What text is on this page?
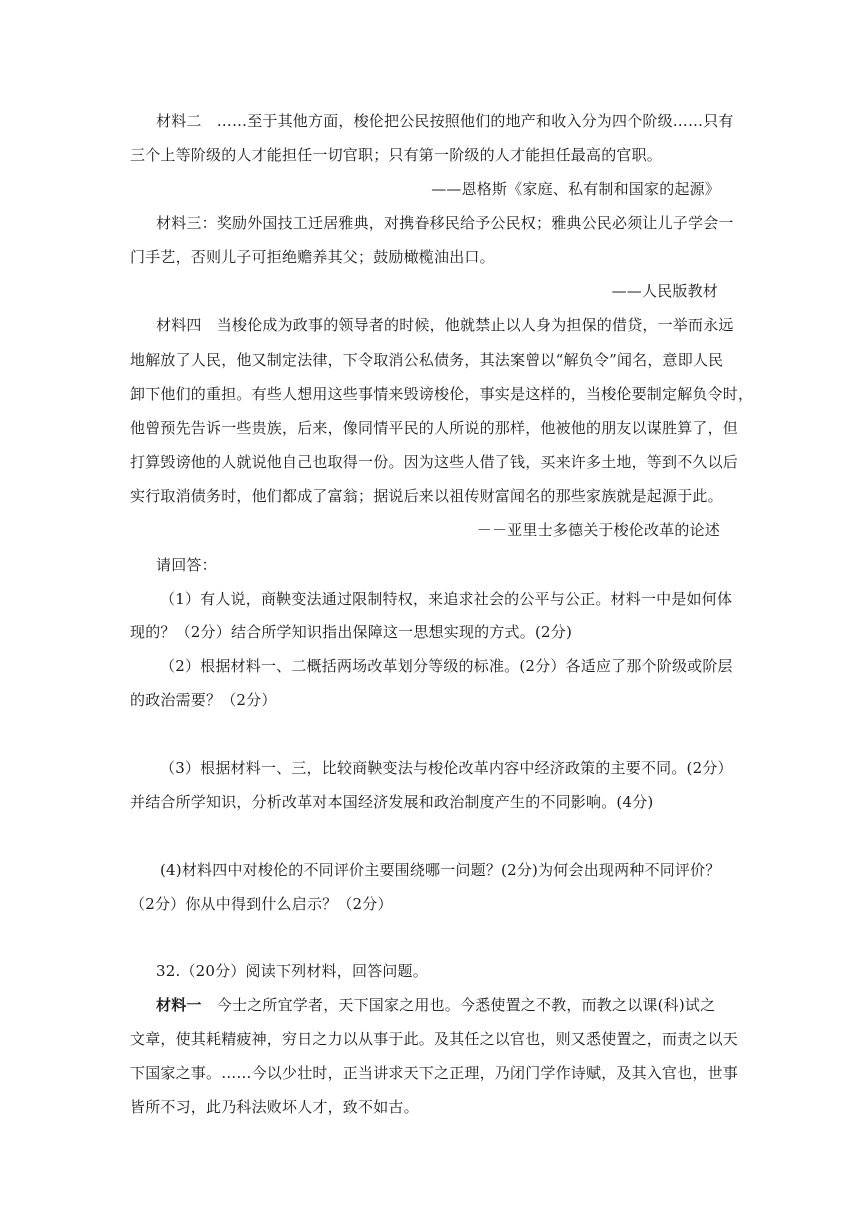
材料二　……至于其他方面，梭伦把公民按照他们的地产和收入分为四个阶级……只有
三个上等阶级的人才能担任一切官职；只有第一阶级的人才能担任最高的官职。
——恩格斯《家庭、私有制和国家的起源》
材料三：奖励外国技工迁居雅典，对携眷移民给予公民权；雅典公民必须让儿子学会一
门手艺，否则儿子可拒绝赡养其父；鼓励橄榄油出口。
——人民版教材
材料四　当梭伦成为政事的领导者的时候，他就禁止以人身为担保的借贷，一举而永远
地解放了人民，他又制定法律，下令取消公私债务，其法案曾以“解负令”闻名，意即人民
卸下他们的重担。有些人想用这些事情来毁谤梭伦，事实是这样的，当梭伦要制定解负令时，
他曾预先告诉一些贵族，后来，像同情平民的人所说的那样，他被他的朋友以谋胜算了，但
打算毁谤他的人就说他自己也取得一份。因为这些人借了钱，买来许多土地，等到不久以后
实行取消债务时，他们都成了富翁；据说后来以祖传财富闻名的那些家族就是起源于此。
－－亚里士多德关于梭伦改革的论述
请回答：
（1）有人说，商鞅变法通过限制特权，来追求社会的公平与公正。材料一中是如何体
现的？（2分）结合所学知识指出保障这一思想实现的方式。(2分)
（2）根据材料一、二概括两场改革划分等级的标准。(2分）各适应了那个阶级或阶层
的政治需要？（2分）
（3）根据材料一、三，比较商鞅变法与梭伦改革内容中经济政策的主要不同。(2分）
并结合所学知识，分析改革对本国经济发展和政治制度产生的不同影响。(4分)
(4)材料四中对梭伦的不同评价主要围绕哪一问题？(2分)为何会出现两种不同评价？
（2分）你从中得到什么启示？（2分）
32.（20分）阅读下列材料，回答问题。
材料一　今士之所宜学者，天下国家之用也。今悉使置之不教，而教之以课(科)试之
文章，使其耗精疲神，穷日之力以从事于此。及其任之以官也，则又悉使置之，而责之以天
下国家之事。……今以少壮时，正当讲求天下之正理，乃闭门学作诗赋，及其入官也，世事
皆所不习，此乃科法败坏人才，致不如古。
